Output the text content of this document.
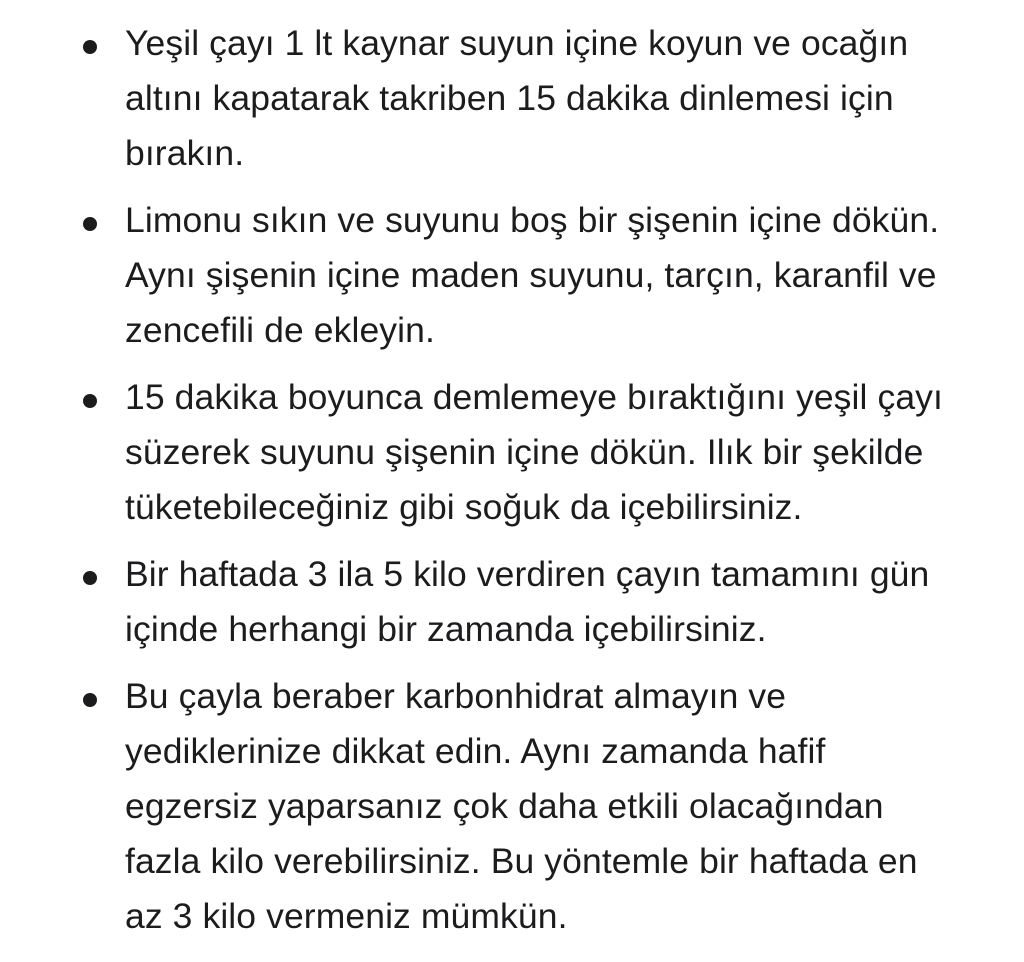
Yeşil çayı 1 lt kaynar suyun içine koyun ve ocağın
altını kapatarak takriben 15 dakika dinlemesi için
bırakın.
Limonu sıkın ve suyunu boş bir şişenin içine dökün.
Aynı şişenin içine maden suyunu, tarçın, karanfil ve
zencefili de ekleyin.
15 dakika boyunca demlemeye bıraktığını yeşil çayı
süzerek suyunu şişenin içine dökün. Ilık bir şekilde
tüketebileceğiniz gibi soğuk da içebilirsiniz.
Bir haftada 3 ila 5 kilo verdiren çayın tamamını gün
içinde herhangi bir zamanda içebilirsiniz.
Bu çayla beraber karbonhidrat almayın ve
yediklerinize dikkat edin. Aynı zamanda hafif
egzersiz yaparsanız çok daha etkili olacağından
fazla kilo verebilirsiniz. Bu yöntemle bir haftada en
az 3 kilo vermeniz mümkün.
